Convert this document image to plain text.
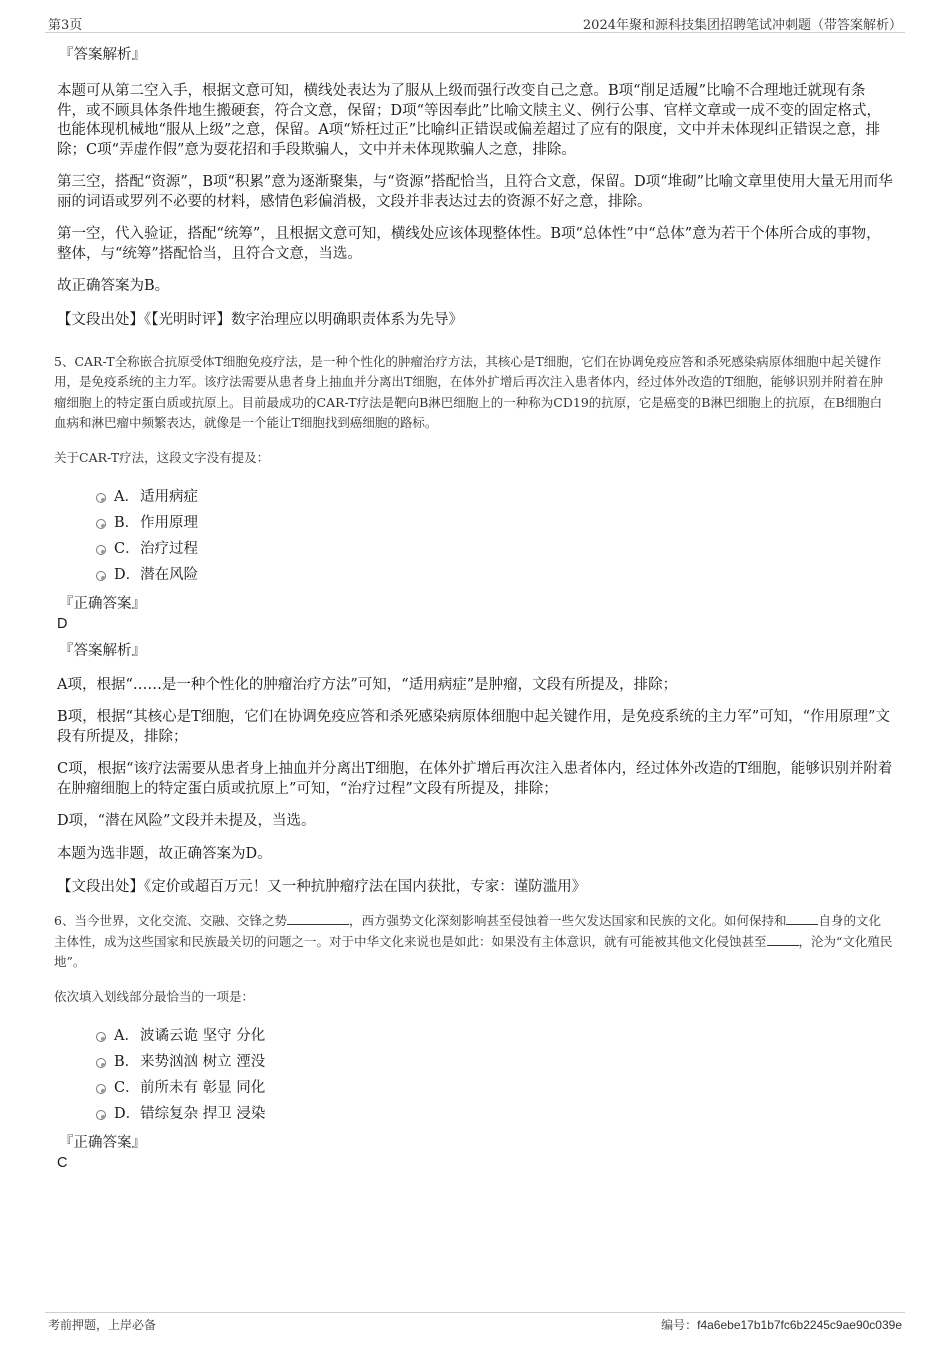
第3页	2024年聚和源科技集团招聘笔试冲刺题（带答案解析）
『答案解析』

本题可从第二空入手，根据文意可知，横线处表达为了服从上级而强行改变自己之意。B项“削足适履”比喻不合理地迁就现有条件，或不顾具体条件地生搬硬套，符合文意，保留；D项“等因奉此”比喻文牍主义、例行公事、官样文章或一成不变的固定格式，也能体现机械地“服从上级”之意，保留。A项“矫枉过正”比喻纠正错误或偏差超过了应有的限度，文中并未体现纠正错误之意，排除；C项“弄虚作假”意为耍花招和手段欺骗人，文中并未体现欺骗人之意，排除。

第三空，搭配“资源”，B项“积累”意为逐渐聚集，与“资源”搭配恰当，且符合文意，保留。D项“堆砌”比喻文章里使用大量无用而华丽的词语或罗列不必要的材料，感情色彩偏消极，文段并非表达过去的资源不好之意，排除。

第一空，代入验证，搭配“统筹”，且根据文意可知，横线处应该体现整体性。B项“总体性”中“总体”意为若干个体所合成的事物，整体，与“统筹”搭配恰当，且符合文意，当选。

故正确答案为B。

【文段出处】《【光明时评】数字治理应以明确职责体系为先导》

5、CAR-T全称嵌合抗原受体T细胞免疫疗法，是一种个性化的肿瘤治疗方法，其核心是T细胞，它们在协调免疫应答和杀死感染病原体细胞中起关键作用，是免疫系统的主力军。该疗法需要从患者身上抽血并分离出T细胞，在体外扩增后再次注入患者体内，经过体外改造的T细胞，能够识别并附着在肿瘤细胞上的特定蛋白质或抗原上。目前最成功的CAR-T疗法是靶向B淋巴细胞上的一种称为CD19的抗原，它是癌变的B淋巴细胞上的抗原，在B细胞白血病和淋巴瘤中频繁表达，就像是一个能让T细胞找到癌细胞的路标。

关于CAR-T疗法，这段文字没有提及：

A．适用病症
B．作用原理
C．治疗过程
D．潜在风险
『正确答案』
D
『答案解析』

A项，根据“……是一种个性化的肿瘤治疗方法”可知，“适用病症”是肿瘤，文段有所提及，排除；

B项，根据“其核心是T细胞，它们在协调免疫应答和杀死感染病原体细胞中起关键作用，是免疫系统的主力军”可知，“作用原理”文段有所提及，排除；

C项，根据“该疗法需要从患者身上抽血并分离出T细胞，在体外扩增后再次注入患者体内，经过体外改造的T细胞，能够识别并附着在肿瘤细胞上的特定蛋白质或抗原上”可知，“治疗过程”文段有所提及，排除；

D项，“潜在风险”文段并未提及，当选。

本题为选非题，故正确答案为D。

【文段出处】《定价或超百万元！又一种抗肿瘤疗法在国内获批，专家：谨防滥用》

6、当今世界，文化交流、交融、交锋之势	，西方强势文化深刻影响甚至侵蚀着一些欠发达国家和民族的文化。如何保持和	自身的文化主体性，成为这些国家和民族最关切的问题之一。对于中华文化来说也是如此：如果没有主体意识，就有可能被其他文化侵蚀甚至	，沦为“文化殖民地”。

依次填入划线部分最恰当的一项是：

A．波谲云诡 坚守 分化
B．来势汹汹 树立 湮没
C．前所未有 彰显 同化
D．错综复杂 捍卫 浸染
『正确答案』
C
考前押题，上岸必备	编号：f4a6ebe17b1b7fc6b2245c9ae90c039e
